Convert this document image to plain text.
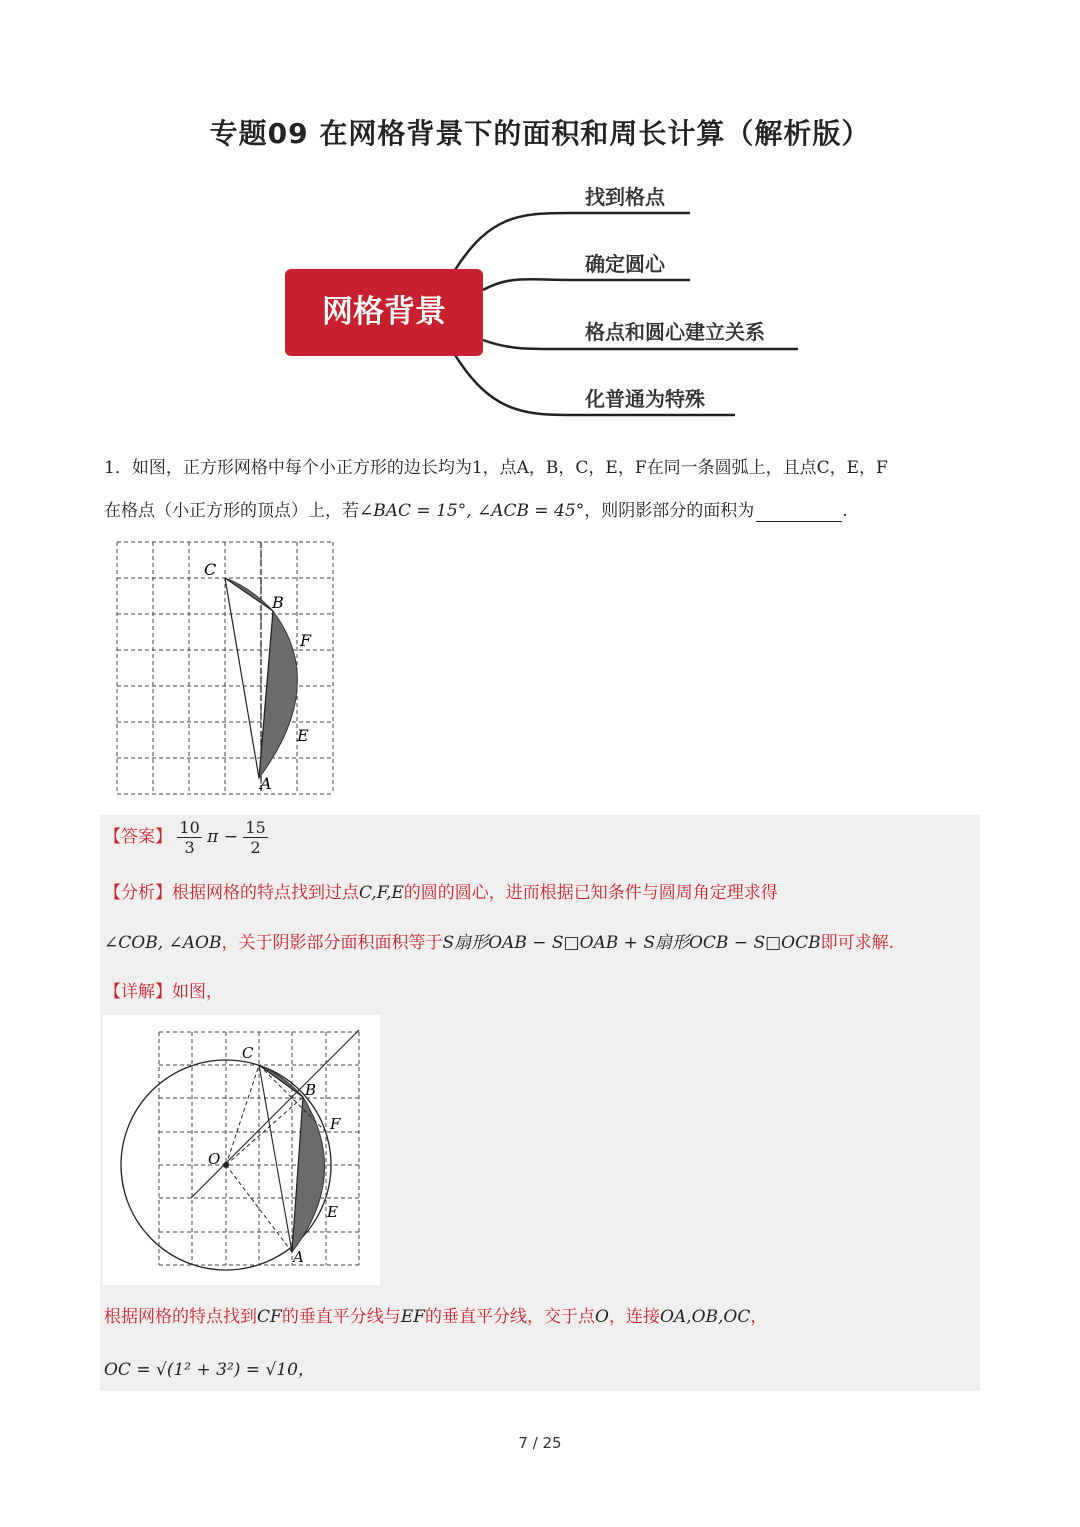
专题09 在网格背景下的面积和周长计算（解析版）
网格背景
找到格点
确定圆心
格点和圆心建立关系
化普通为特殊
1．如图，正方形网格中每个小正方形的边长均为1，点A，B，C，E，F在同一条圆弧上，且点C，E，F
在格点（小正方形的顶点）上，若∠BAC = 15°, ∠ACB = 45°，则阴影部分的面积为	.
C
B
F
E
A
【答案】 $\frac{10}{3}$ $\pi - \frac{15}{2}$
【分析】根据网格的特点找到过点C,F,E的圆的圆心，进而根据已知条件与圆周角定理求得
∠COB, ∠AOB，关于阴影部分面积面积等于S扇形OAB − S□OAB + S扇形OCB − S□OCB即可求解.
【详解】如图，
C
B
F
O
E
A
根据网格的特点找到CF的垂直平分线与EF的垂直平分线，交于点O，连接OA,OB,OC，
OC = √(1² + 3²) = √10，
7 / 25
